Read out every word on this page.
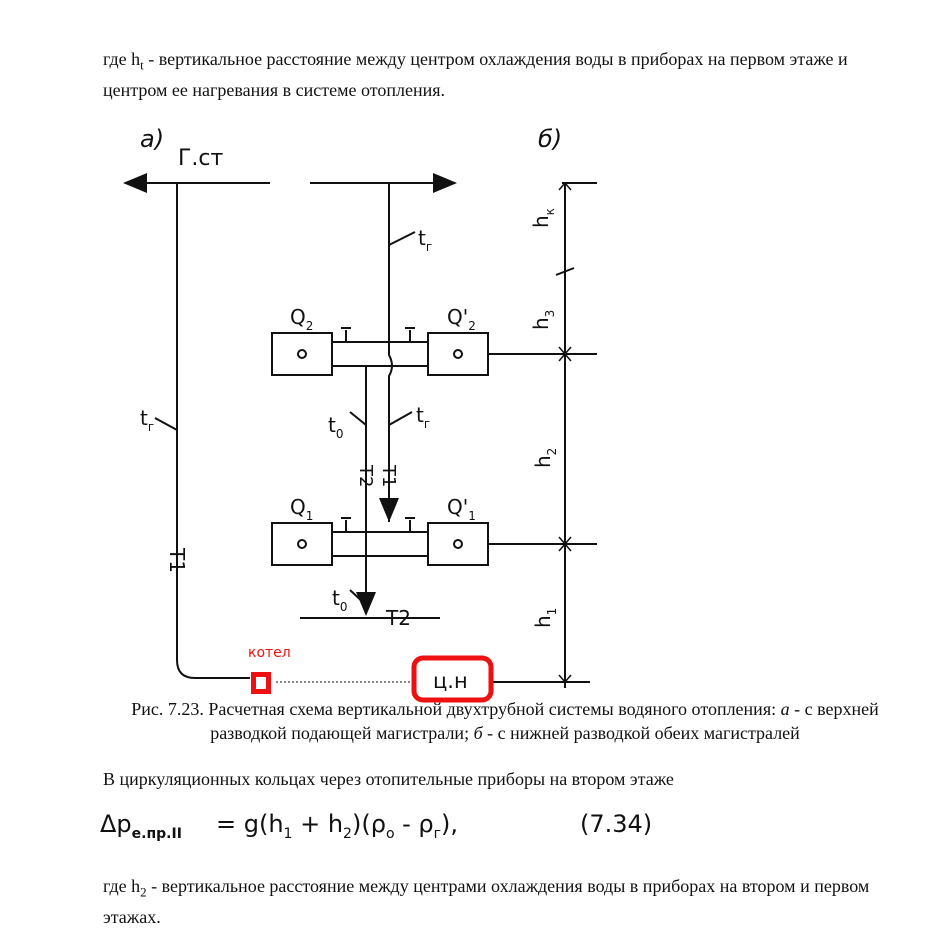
где $h_t$ - вертикальное расстояние между центром охлаждения воды в приборах на первом этаже и центром ее нагревания в системе отопления.

а)	б)
Г.ст
$t_г$
$t_г$	$t_0$
$t_г$
$t_0$
$Q_2$	$Q'_2$
$Q_1$	$Q'_1$
T2 T1
T1
T2
$h_к$
$h_3$
$h_2$
$h_1$
котел
ц.н

Рис. 7.23. Расчетная схема вертикальной двухтрубной системы водяного отопления: а - с верхней разводкой подающей магистрали; б - с нижней разводкой обеих магистралей

В циркуляционных кольцах через отопительные приборы на втором этаже

$\Delta p_{е.пр.II} = g(h_1 + h_2)(\rho_o - \rho_г)$,	(7.34)

где $h_2$ - вертикальное расстояние между центрами охлаждения воды в приборах на втором и первом этажах.
